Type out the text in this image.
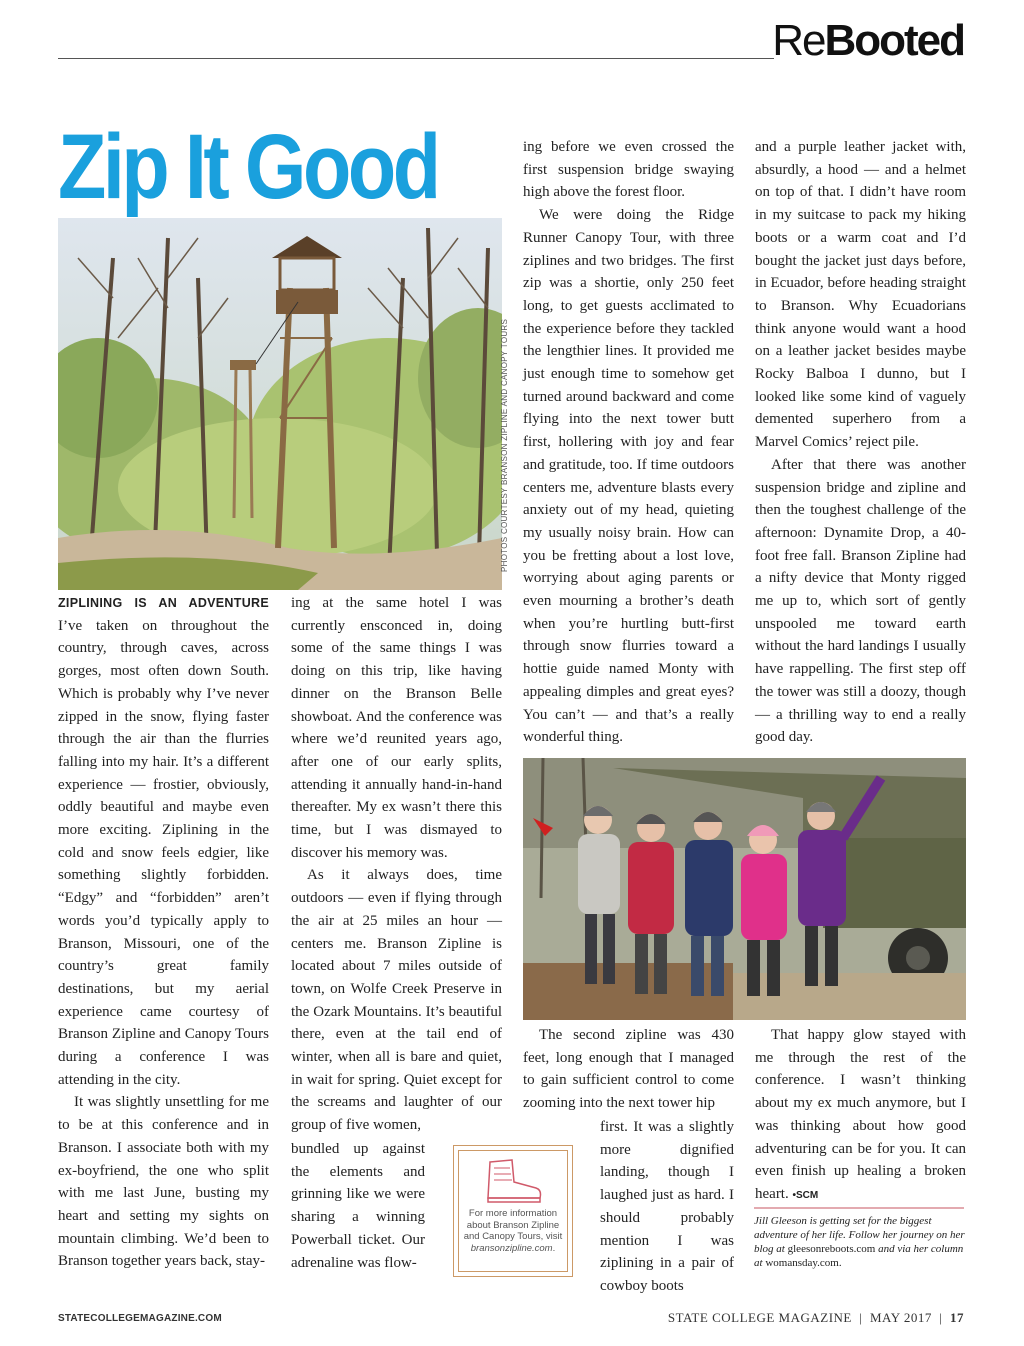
ReBooted
Zip It Good
PHOTOS COURTESY BRANSON ZIPLINE AND CANOPY TOURS

ZIPLINING IS AN ADVENTURE I’ve taken on throughout the country, through caves, across gorges, most often down South. Which is probably why I’ve never zipped in the snow, flying faster through the air than the flurries falling into my hair. It’s a different experience — frostier, obviously, oddly beautiful and maybe even more exciting. Ziplining in the cold and snow feels edgier, like something slightly forbidden. “Edgy” and “forbidden” aren’t words you’d typically apply to Branson, Missouri, one of the country’s great family destinations, but my aerial experience came courtesy of Branson Zipline and Canopy Tours during a conference I was attending in the city.

It was slightly unsettling for me to be at this conference and in Branson. I associate both with my ex-boyfriend, the one who split with me last June, busting my heart and setting my sights on mountain climbing. We’d been to Branson together years back, stay-

ing at the same hotel I was currently ensconced in, doing some of the same things I was doing on this trip, like having dinner on the Branson Belle showboat. And the conference was where we’d reunited years ago, after one of our early splits, attending it annually hand-in-hand thereafter. My ex wasn’t there this time, but I was dismayed to discover his memory was.

As it always does, time outdoors — even if flying through the air at 25 miles an hour — centers me. Branson Zipline is located about 7 miles outside of town, on Wolfe Creek Preserve in the Ozark Mountains. It’s beautiful there, even at the tail end of winter, when all is bare and quiet, in wait for spring. Quiet except for the screams and laughter of our group of five women,

bundled up against the elements and grinning like we were sharing a winning Powerball ticket. Our adrenaline was flow-

ing before we even crossed the first suspension bridge swaying high above the forest floor.

We were doing the Ridge Runner Canopy Tour, with three ziplines and two bridges. The first zip was a shortie, only 250 feet long, to get guests acclimated to the experience before they tackled the lengthier lines. It provided me just enough time to somehow get turned around backward and come flying into the next tower butt first, hollering with joy and fear and gratitude, too. If time outdoors centers me, adventure blasts every anxiety out of my head, quieting my usually noisy brain. How can you be fretting about a lost love, worrying about aging parents or even mourning a brother’s death when you’re hurtling butt-first through snow flurries toward a hottie guide named Monty with appealing dimples and great eyes? You can’t — and that’s a really wonderful thing.

The second zipline was 430 feet, long enough that I managed to gain sufficient control to come zooming into the next tower hip

first. It was a slightly more dignified landing, though I laughed just as hard. I should probably mention I was ziplining in a pair of cowboy boots

and a purple leather jacket with, absurdly, a hood — and a helmet on top of that. I didn’t have room in my suitcase to pack my hiking boots or a warm coat and I’d bought the jacket just days before, in Ecuador, before heading straight to Branson. Why Ecuadorians think anyone would want a hood on a leather jacket besides maybe Rocky Balboa I dunno, but I looked like some kind of vaguely demented superhero from a Marvel Comics’ reject pile.

After that there was another suspension bridge and zipline and then the toughest challenge of the afternoon: Dynamite Drop, a 40-foot free fall. Branson Zipline had a nifty device that Monty rigged me up to, which sort of gently unspooled me toward earth without the hard landings I usually have rappelling. The first step off the tower was still a doozy, though — a thrilling way to end a really good day.

That happy glow stayed with me through the rest of the conference. I wasn’t thinking about my ex much anymore, but I was thinking about how good adventuring can be for you. It can even finish up healing a broken heart. •SCM

For more information about Branson Zipline and Canopy Tours, visit bransonzipline.com.
Jill Gleeson is getting set for the biggest adventure of her life. Follow her journey on her blog at gleesonreboots.com and via her column at womansday.com.
STATECOLLEGEMAGAZINE.COM	STATE COLLEGE MAGAZINE | MAY 2017 | 17
